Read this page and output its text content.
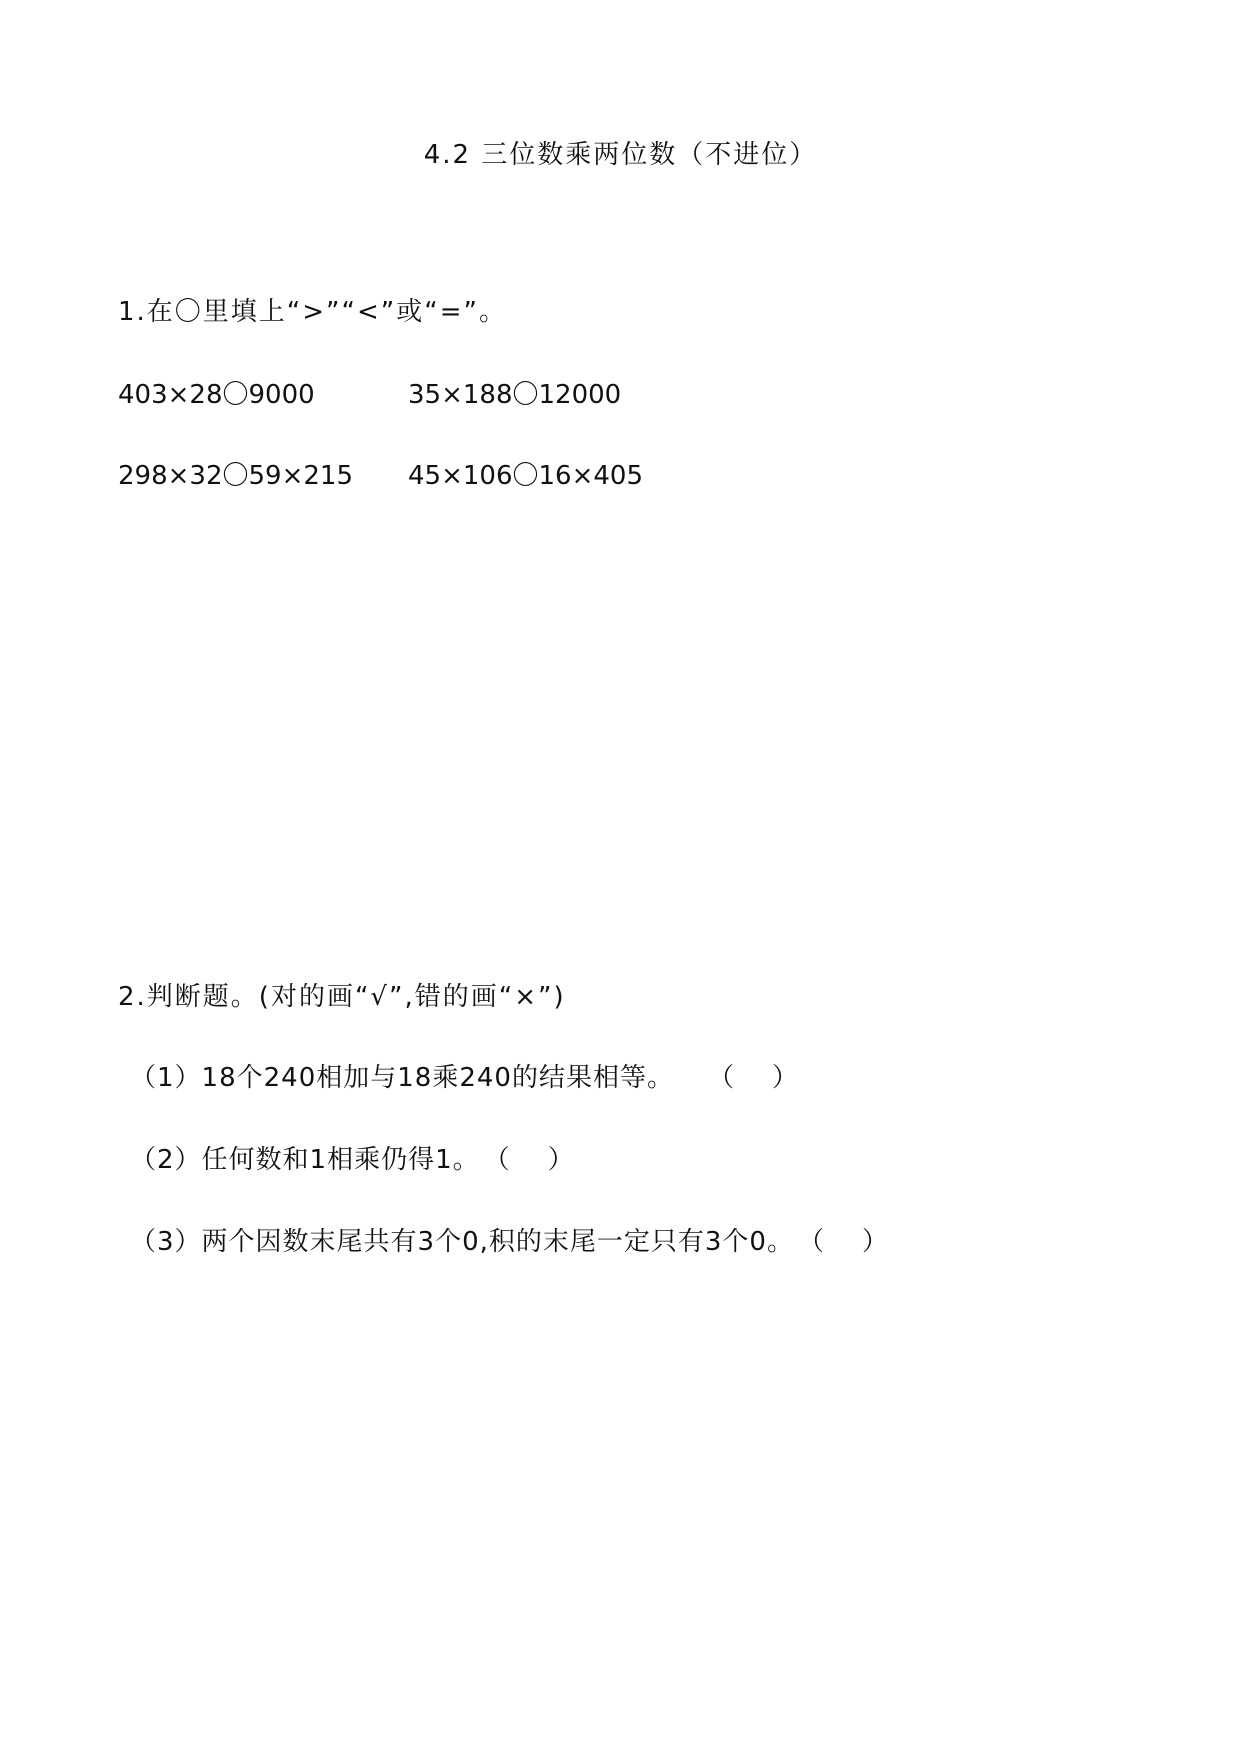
4.2 三位数乘两位数（不进位）
1.在〇里填上“>”“<”或“=”。
403×28〇9000	35×188〇12000
298×32〇59×215 45×106〇16×405
2.判断题。(对的画“√”,错的画“×”)
（1）18个240相加与18乘240的结果相等。 （    ）
（2）任何数和1相乘仍得1。 （    ）
（3）两个因数末尾共有3个0,积的末尾一定只有3个0。 （    ）
